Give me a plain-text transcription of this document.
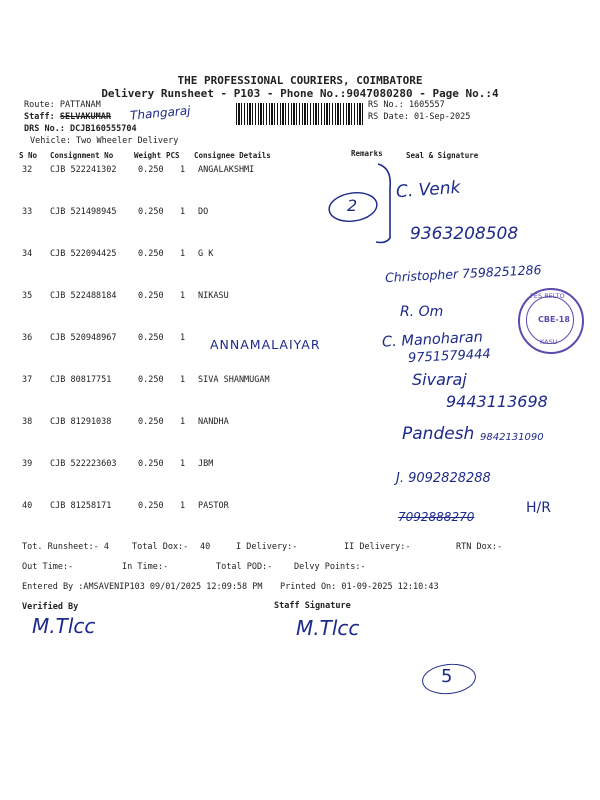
THE PROFESSIONAL COURIERS, COIMBATORE
Delivery Runsheet - P103 - Phone No.:9047080280 - Page No.:4
Route: PATTANAM
Staff: SELVAKUMAR Thangaraj
DRS No.: DCJB160555704
Vehicle: Two Wheeler Delivery
RS No.: 1605557
RS Date: 01-Sep-2025
S No Consignment No	Weight PCS Consignee Details	Remarks	Seal & Signature
32 CJB 522241302	0.250 1 ANGALAKSHMI
33 CJB 521498945	0.250 1 DO
34 CJB 522094425	0.250 1 G K
35 CJB 522488184	0.250 1 NIKASU
36 CJB 520948967	0.250 1
37 CJB 80817751	0.250 1 SIVA SHANMUGAM
38 CJB 81291038	0.250 1 NANDHA
39 CJB 522223603	0.250 1 JBM
40 CJB 81258171	0.250 1 PASTOR
2
C. Venk
9363208508
Christopher 7598251286
R. Om
ANNAMALAIYAR	C. Manoharan
9751579444
Sivaraj
9443113698
Pandesh 9842131090
J. 9092828288
7092888270
H/R
PES BELTO
CBE-18
KASU
Tot. Runsheet:- 4	Total Dox:- 40	I Delivery:-	II Delivery:-	RTN Dox:-
Out Time:-	In Time:-	Total POD:-	Delvy Points:-
Entered By :AMSAVENIP103 09/01/2025 12:09:58 PM Printed On: 01-09-2025 12:10:43
Verified By	Staff Signature
M.Tlcc	M.Tlcc
5
